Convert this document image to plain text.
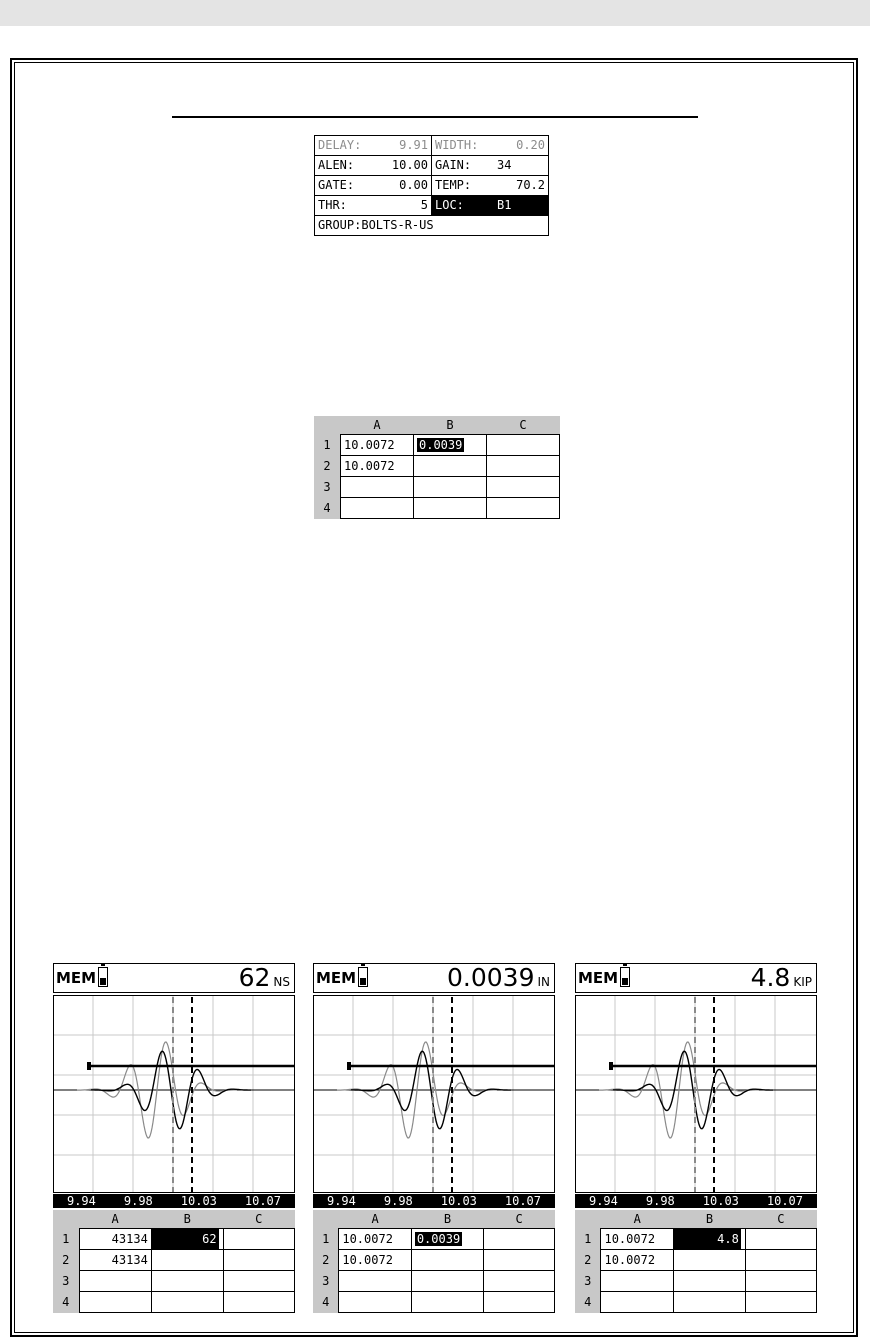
DELAY: 9.91	WIDTH: 0.20

ALEN: 10.00	GAIN: 34

GATE: 0.00	TEMP: 70.2

THR: 5	LOC: B1

GROUP:BOLTS-R-US	
	A	B	C
1	10.0072	0.0039	
2	10.0072		
3			
4			
MEM	62 NS
9.94 9.98 10.03 10.07
	A	B	C
1	43134	62	

2	43134		
3			
4			
MEM	0.0039 IN
9.94 9.98 10.03 10.07
	A	B	C
1	10.0072	0.0039	
2	10.0072		
3			
4			
MEM	4.8 KIP
9.94 9.98 10.03 10.07
	A	B	C
1	10.0072	4.8	

2	10.0072		
3			
4			
